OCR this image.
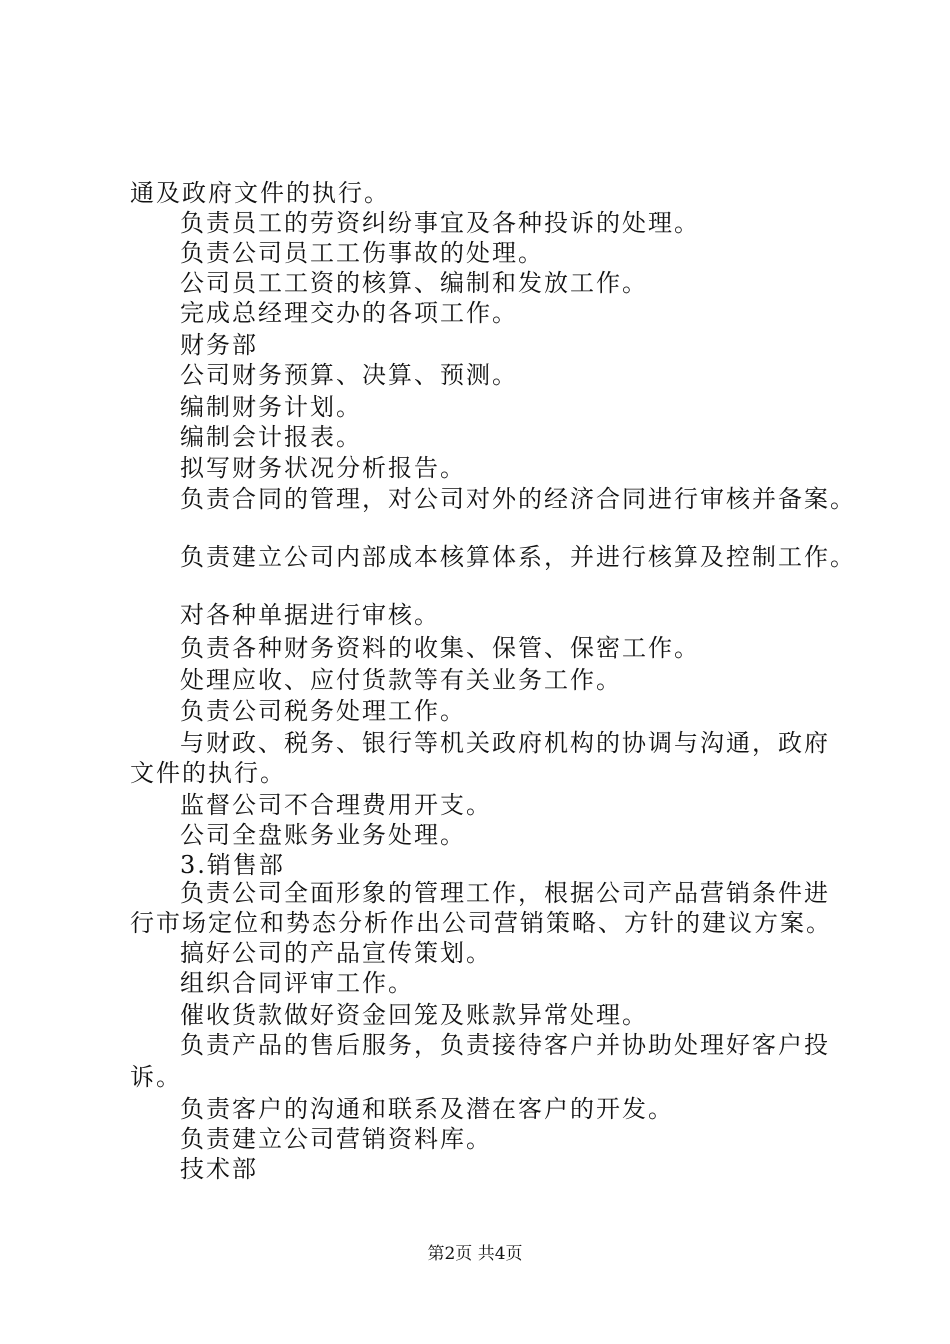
通及政府文件的执行。
负责员工的劳资纠纷事宜及各种投诉的处理。
负责公司员工工伤事故的处理。
公司员工工资的核算、编制和发放工作。
完成总经理交办的各项工作。
财务部
公司财务预算、决算、预测。
编制财务计划。
编制会计报表。
拟写财务状况分析报告。
负责合同的管理，对公司对外的经济合同进行审核并备案。
负责建立公司内部成本核算体系，并进行核算及控制工作。
对各种单据进行审核。
负责各种财务资料的收集、保管、保密工作。
处理应收、应付货款等有关业务工作。
负责公司税务处理工作。
与财政、税务、银行等机关政府机构的协调与沟通，政府
文件的执行。
监督公司不合理费用开支。
公司全盘账务业务处理。
3.销售部
负责公司全面形象的管理工作，根据公司产品营销条件进
行市场定位和势态分析作出公司营销策略、方针的建议方案。
搞好公司的产品宣传策划。
组织合同评审工作。
催收货款做好资金回笼及账款异常处理。
负责产品的售后服务，负责接待客户并协助处理好客户投
诉。
负责客户的沟通和联系及潜在客户的开发。
负责建立公司营销资料库。
技术部
第2页 共4页
